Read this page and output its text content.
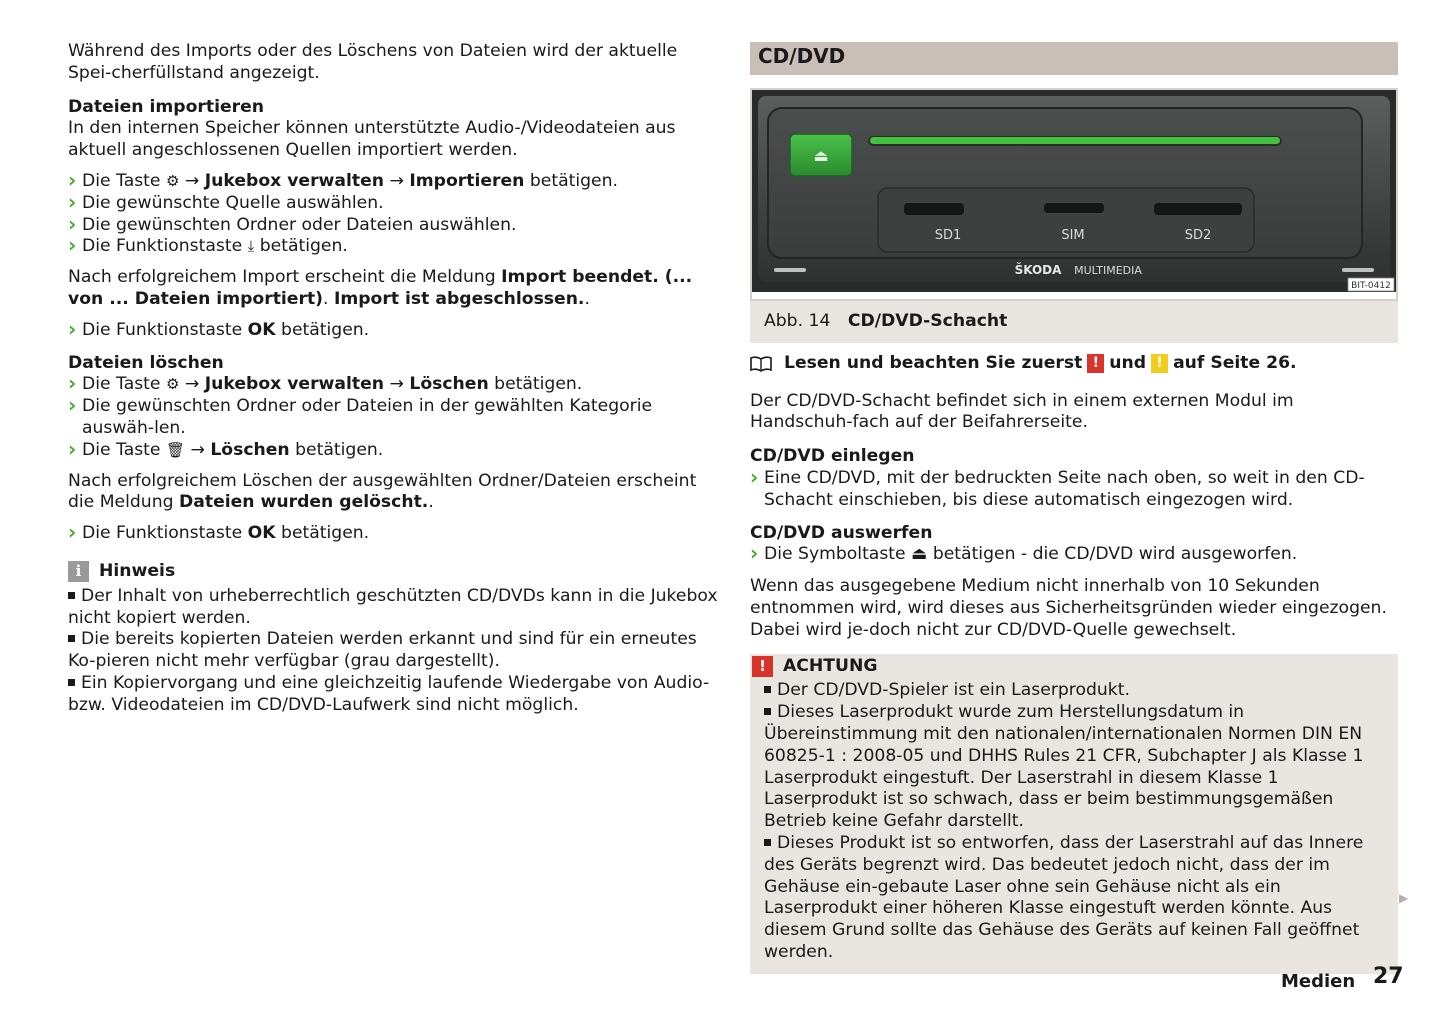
Während des Imports oder des Löschens von Dateien wird der aktuelle Spei-cherfüllstand angezeigt.

Dateien importieren

In den internen Speicher können unterstützte Audio-/Videodateien aus aktuell angeschlossenen Quellen importiert werden.

› Die Taste ⚙ → Jukebox verwalten → Importieren betätigen.

› Die gewünschte Quelle auswählen.

› Die gewünschten Ordner oder Dateien auswählen.

› Die Funktionstaste ⤓ betätigen.

Nach erfolgreichem Import erscheint die Meldung Import beendet. (... von ... Dateien importiert). Import ist abgeschlossen..

› Die Funktionstaste OK betätigen.

Dateien löschen

› Die Taste ⚙ → Jukebox verwalten → Löschen betätigen.

› Die gewünschten Ordner oder Dateien in der gewählten Kategorie auswäh-len.

› Die Taste 🗑 → Löschen betätigen.

Nach erfolgreichem Löschen der ausgewählten Ordner/Dateien erscheint die Meldung Dateien wurden gelöscht..

› Die Funktionstaste OK betätigen.

i	Hinweis

Der Inhalt von urheberrechtlich geschützten CD/DVDs kann in die Jukebox nicht kopiert werden.

Die bereits kopierten Dateien werden erkannt und sind für ein erneutes Ko-pieren nicht mehr verfügbar (grau dargestellt).

Ein Kopiervorgang und eine gleichzeitig laufende Wiedergabe von Audio- bzw. Videodateien im CD/DVD-Laufwerk sind nicht möglich.

CD/DVD
⏏
SD1	SIM	SD2
ŠKODA MULTIMEDIA
BIT-0412
Abb. 14 CD/DVD-Schacht
Lesen und beachten Sie zuerst ! und ! auf Seite 26.

Der CD/DVD-Schacht befindet sich in einem externen Modul im Handschuh-fach auf der Beifahrerseite.

CD/DVD einlegen

› Eine CD/DVD, mit der bedruckten Seite nach oben, so weit in den CD-Schacht einschieben, bis diese automatisch eingezogen wird.

CD/DVD auswerfen

› Die Symboltaste ⏏ betätigen - die CD/DVD wird ausgeworfen.

Wenn das ausgegebene Medium nicht innerhalb von 10 Sekunden entnommen wird, wird dieses aus Sicherheitsgründen wieder eingezogen. Dabei wird je-doch nicht zur CD/DVD-Quelle gewechselt.

! ACHTUNG

Der CD/DVD-Spieler ist ein Laserprodukt.

Dieses Laserprodukt wurde zum Herstellungsdatum in Übereinstimmung mit den nationalen/internationalen Normen DIN EN 60825-1 : 2008-05 und DHHS Rules 21 CFR, Subchapter J als Klasse 1 Laserprodukt eingestuft. Der Laserstrahl in diesem Klasse 1 Laserprodukt ist so schwach, dass er beim bestimmungsgemäßen Betrieb keine Gefahr darstellt.

Dieses Produkt ist so entworfen, dass der Laserstrahl auf das Innere des Geräts begrenzt wird. Das bedeutet jedoch nicht, dass der im Gehäuse ein-gebaute Laser ohne sein Gehäuse nicht als ein Laserprodukt einer höheren Klasse eingestuft werden könnte. Aus diesem Grund sollte das Gehäuse des Geräts auf keinen Fall geöffnet werden.

▶
Medien 27
